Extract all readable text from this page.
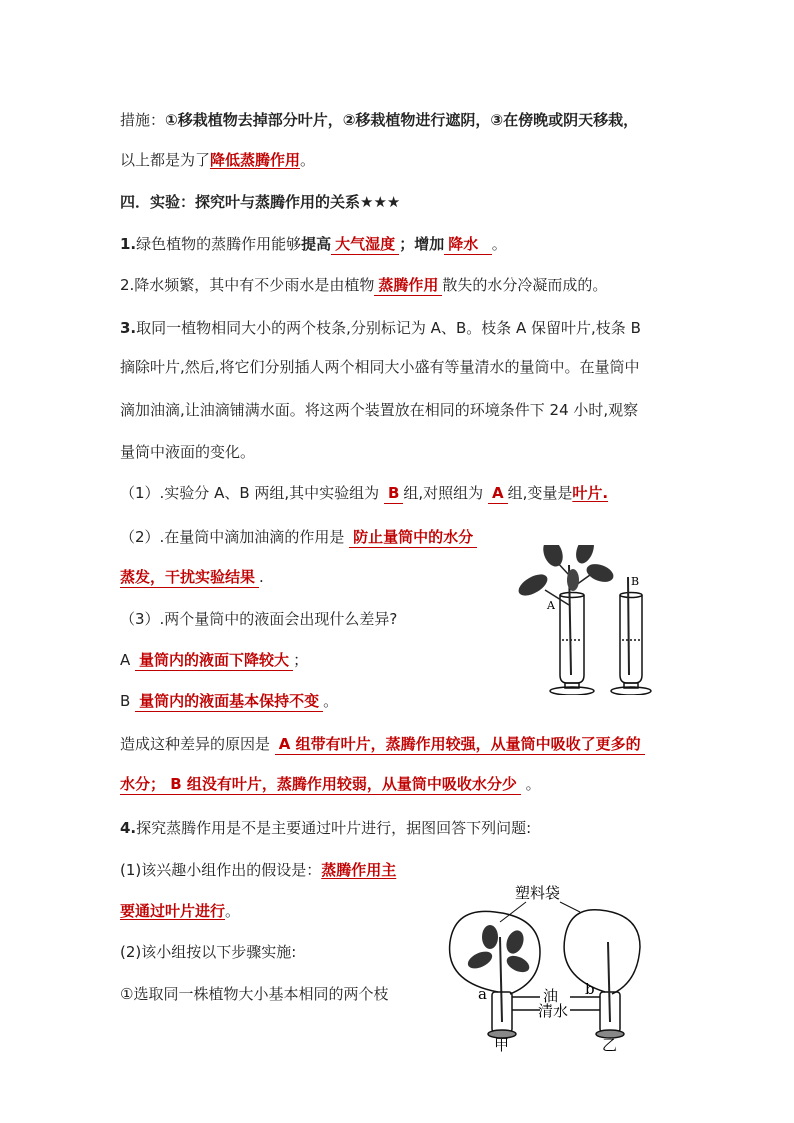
措施：①移栽植物去掉部分叶片，②移栽植物进行遮阴，③在傍晚或阴天移栽，
以上都是为了降低蒸腾作用。
四．实验：探究叶与蒸腾作用的关系★★★
1.绿色植物的蒸腾作用能够提高 大气湿度 ；增加 降水 。
2.降水频繁，其中有不少雨水是由植物 蒸腾作用 散失的水分冷凝而成的。
3.取同一植物相同大小的两个枝条,分别标记为 A、B。枝条 A 保留叶片,枝条 B
摘除叶片,然后,将它们分别插人两个相同大小盛有等量清水的量筒中。在量筒中
滴加油滴,让油滴铺满水面。将这两个装置放在相同的环境条件下 24 小时,观察
量筒中液面的变化。
（1）.实验分 A、B 两组,其中实验组为 B 组,对照组为 A 组,变量是叶片.
（2）.在量筒中滴加油滴的作用是 防止量筒中的水分
蒸发，干扰实验结果 .
（3）.两个量筒中的液面会出现什么差异?
A 量筒内的液面下降较大 ；
B 量筒内的液面基本保持不变 。
造成这种差异的原因是 A 组带有叶片，蒸腾作用较强，从量筒中吸收了更多的
水分； B 组没有叶片，蒸腾作用较弱，从量筒中吸收水分少 。
4.探究蒸腾作用是不是主要通过叶片进行，据图回答下列问题:
(1)该兴趣小组作出的假设是：蒸腾作用主
要通过叶片进行。
(2)该小组按以下步骤实施:
①选取同一株植物大小基本相同的两个枝
A
B
塑料袋
a	b
油
清水
甲	乙
